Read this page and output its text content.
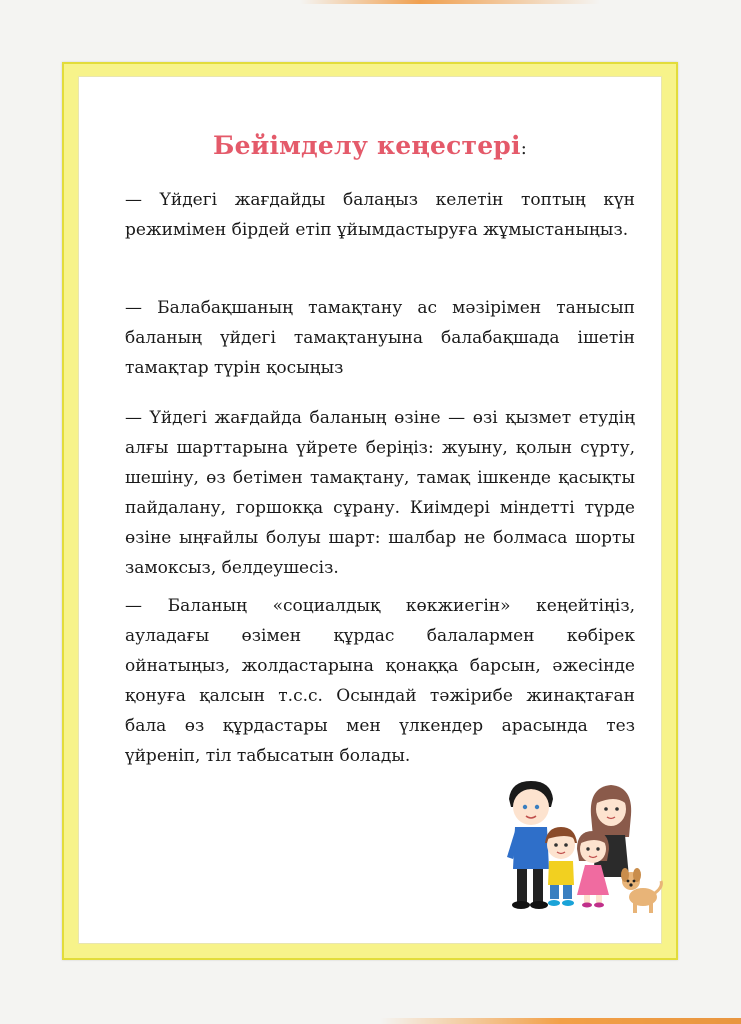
Бейімделу кеңестері:
— Үйдегі жағдайды балаңыз келетін топтың күн режимімен бірдей етіп ұйымдастыруға жұмыстаныңыз.
— Балабақшаның тамақтану ас мәзірімен танысып баланың үйдегі тамақтануына балабақшада ішетін тамақтар түрін қосыңыз
— Үйдегі жағдайда баланың өзіне — өзі қызмет етудің алғы шарттарына үйрете беріңіз: жуыну, қолын сүрту, шешіну, өз бетімен тамақтану, тамақ ішкенде қасықты пайдалану, горшокқа сұрану. Киімдері міндетті түрде өзіне ыңғайлы болуы шарт: шалбар не болмаса шорты замоксыз, белдеушесіз.
— Баланың «социалдық көкжиегін» кеңейтіңіз, ауладағы өзімен құрдас балалармен көбірек ойнатыңыз, жолдастарына қонаққа барсын, әжесінде қонуға қалсын т.с.с. Осындай тәжірибе жинақтаған бала өз құрдастары мен үлкендер арасында тез үйреніп, тіл табысатын болады.
